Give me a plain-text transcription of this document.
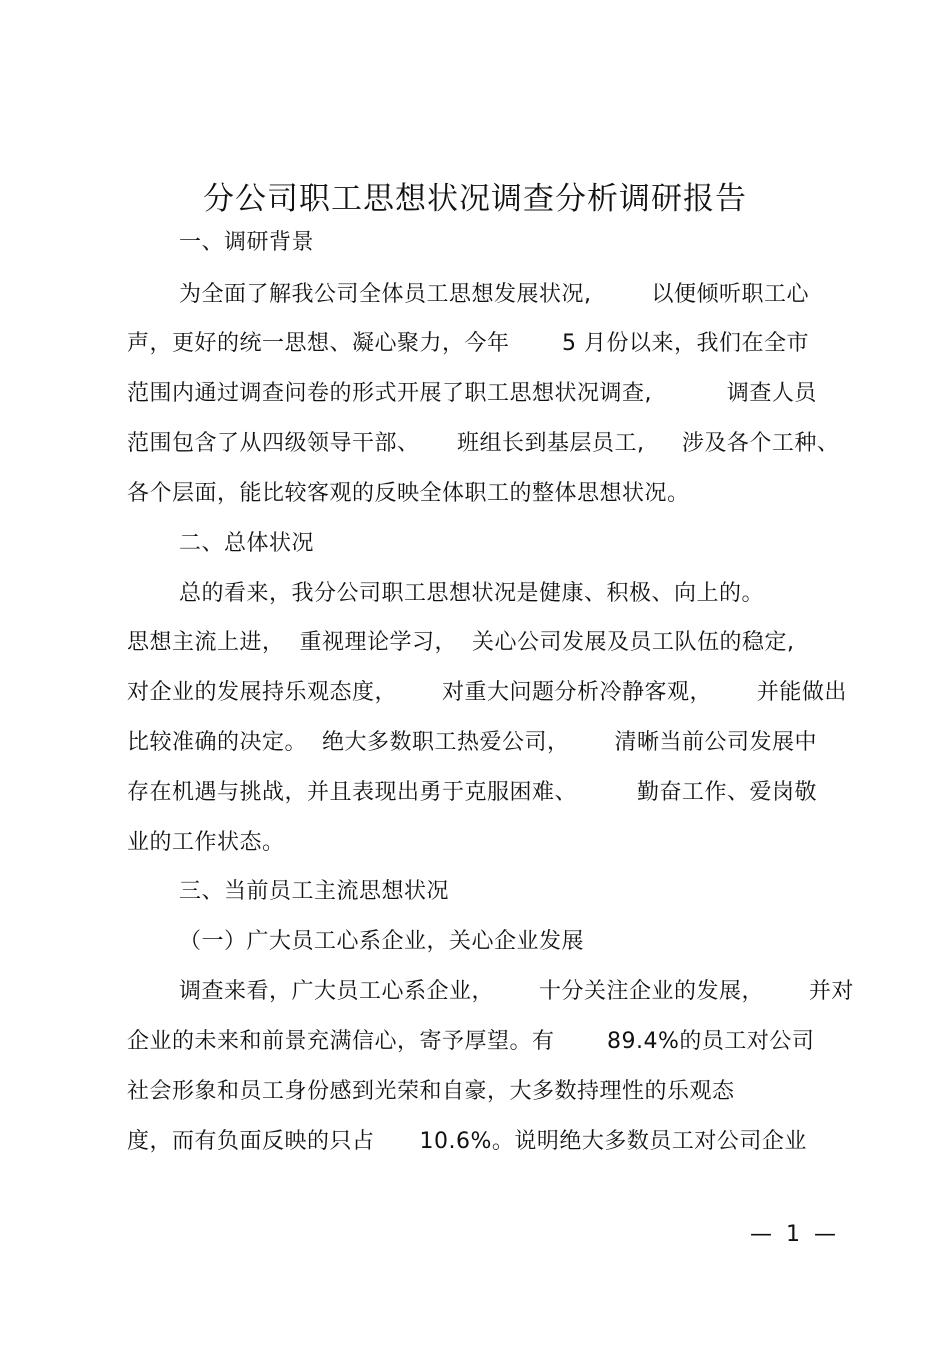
分公司职工思想状况调查分析调研报告
一、调研背景
为全面了解我公司全体员工思想发展状况,        以便倾听职工心
声，更好的统一思想、凝心聚力，今年       5 月份以来，我们在全市
范围内通过调查问卷的形式开展了职工思想状况调查,          调查人员
范围包含了从四级领导干部、     班组长到基层员工,     涉及各个工种、
各个层面，能比较客观的反映全体职工的整体思想状况。
二、总体状况
总的看来，我分公司职工思想状况是健康、积极、向上的。
思想主流上进，  重视理论学习，  关心公司发展及员工队伍的稳定,
对企业的发展持乐观态度，      对重大问题分析冷静客观，      并能做出
比较准确的决定。  绝大多数职工热爱公司，      清晰当前公司发展中
存在机遇与挑战，并且表现出勇于克服困难、        勤奋工作、爱岗敬
业的工作状态。
三、当前员工主流思想状况
（一）广大员工心系企业，关心企业发展
调查来看，广大员工心系企业，      十分关注企业的发展，      并对
企业的未来和前景充满信心，寄予厚望。有       89.4%的员工对公司
社会形象和员工身份感到光荣和自豪，大多数持理性的乐观态
度，而有负面反映的只占      10.6%。说明绝大多数员工对公司企业
—  1  —
